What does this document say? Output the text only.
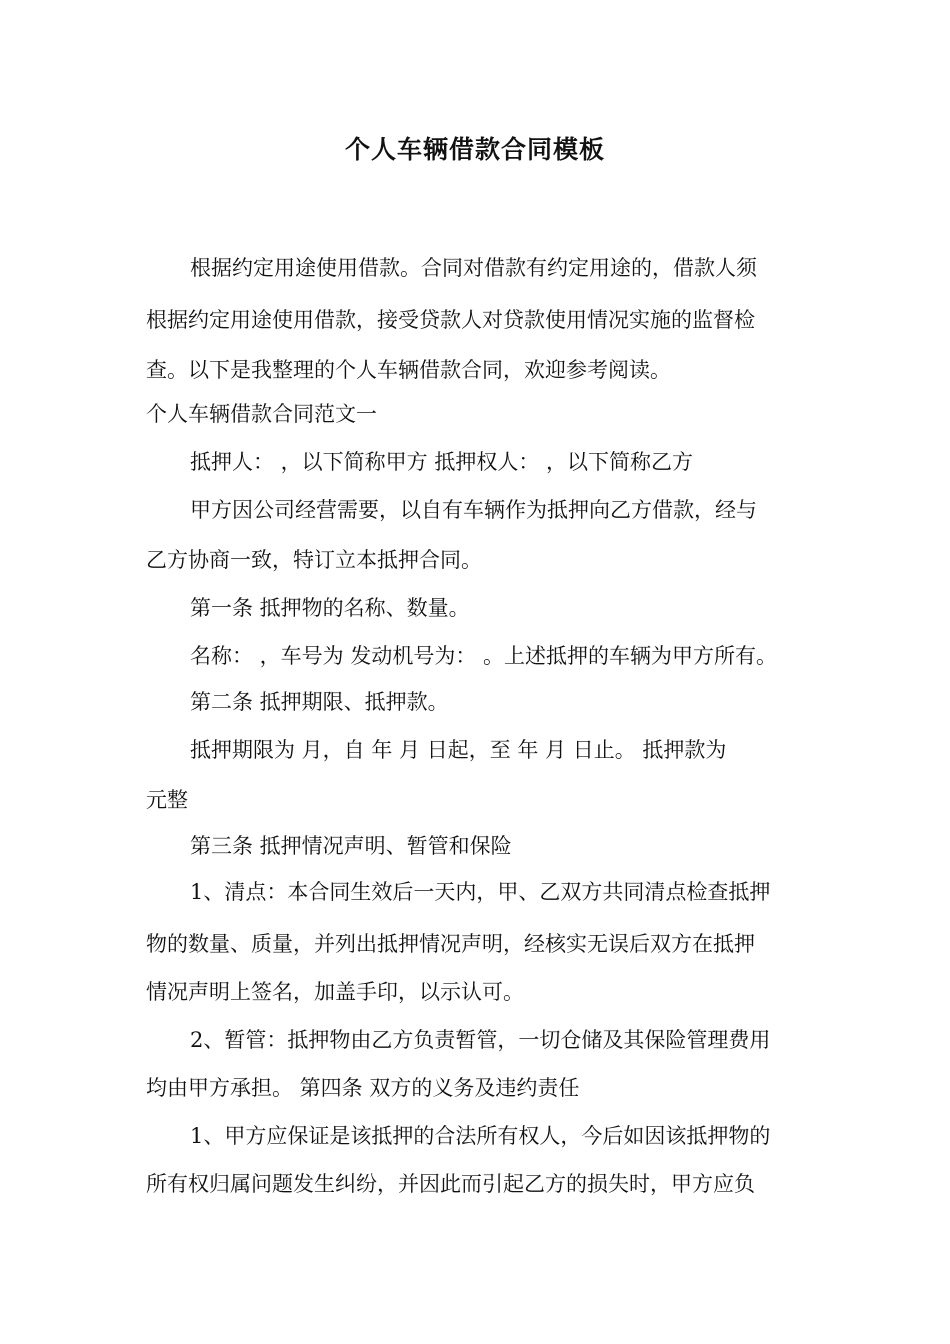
个人车辆借款合同模板
根据约定用途使用借款。合同对借款有约定用途的，借款人须
根据约定用途使用借款，接受贷款人对贷款使用情况实施的监督检
查。以下是我整理的个人车辆借款合同，欢迎参考阅读。
个人车辆借款合同范文一
抵押人： ，以下简称甲方 抵押权人： ，以下简称乙方
甲方因公司经营需要，以自有车辆作为抵押向乙方借款，经与
乙方协商一致，特订立本抵押合同。
第一条 抵押物的名称、数量。
名称： ，车号为 发动机号为： 。上述抵押的车辆为甲方所有。
第二条 抵押期限、抵押款。
抵押期限为 月，自 年 月 日起，至 年 月 日止。 抵押款为
元整
第三条 抵押情况声明、暂管和保险
1、清点：本合同生效后一天内，甲、乙双方共同清点检查抵押
物的数量、质量，并列出抵押情况声明，经核实无误后双方在抵押
情况声明上签名，加盖手印，以示认可。
2、暂管：抵押物由乙方负责暂管，一切仓储及其保险管理费用
均由甲方承担。 第四条 双方的义务及违约责任
1、甲方应保证是该抵押的合法所有权人，今后如因该抵押物的
所有权归属问题发生纠纷，并因此而引起乙方的损失时，甲方应负
